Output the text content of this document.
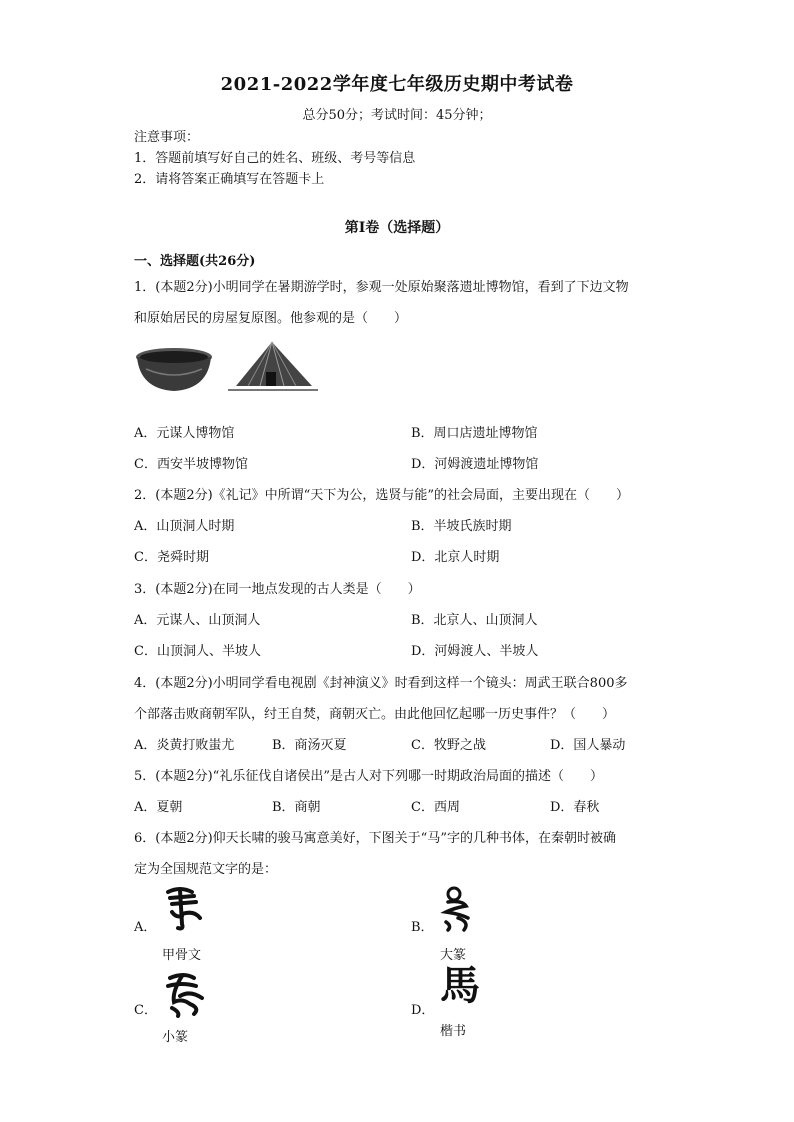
2021-2022学年度七年级历史期中考试卷
总分50分；考试时间：45分钟；
注意事项：
1．答题前填写好自己的姓名、班级、考号等信息
2．请将答案正确填写在答题卡上
第Ⅰ卷（选择题）
一、选择题(共26分)
1．(本题2分)小明同学在暑期游学时，参观一处原始聚落遗址博物馆，看到了下边文物
和原始居民的房屋复原图。他参观的是（　　）
A．元谋人博物馆	B．周口店遗址博物馆
C．西安半坡博物馆	D．河姆渡遗址博物馆
2．(本题2分)《礼记》中所谓“天下为公，选贤与能”的社会局面，主要出现在（　　）
A．山顶洞人时期	B．半坡氏族时期
C．尧舜时期	D．北京人时期
3．(本题2分)在同一地点发现的古人类是（　　）
A．元谋人、山顶洞人	B．北京人、山顶洞人
C．山顶洞人、半坡人	D．河姆渡人、半坡人
4．(本题2分)小明同学看电视剧《封神演义》时看到这样一个镜头：周武王联合800多
个部落击败商朝军队，纣王自焚，商朝灭亡。由此他回忆起哪一历史事件？（　　）
A．炎黄打败蚩尤	B．商汤灭夏	C．牧野之战	D．国人暴动
5．(本题2分)“礼乐征伐自诸侯出”是古人对下列哪一时期政治局面的描述（　　）
A．夏朝	B．商朝	C．西周	D．春秋
6．(本题2分)仰天长啸的骏马寓意美好，下图关于“马”字的几种书体，在秦朝时被确
定为全国规范文字的是：
A．
甲骨文
B．
大篆
C．
小篆
D．
馬
楷书
